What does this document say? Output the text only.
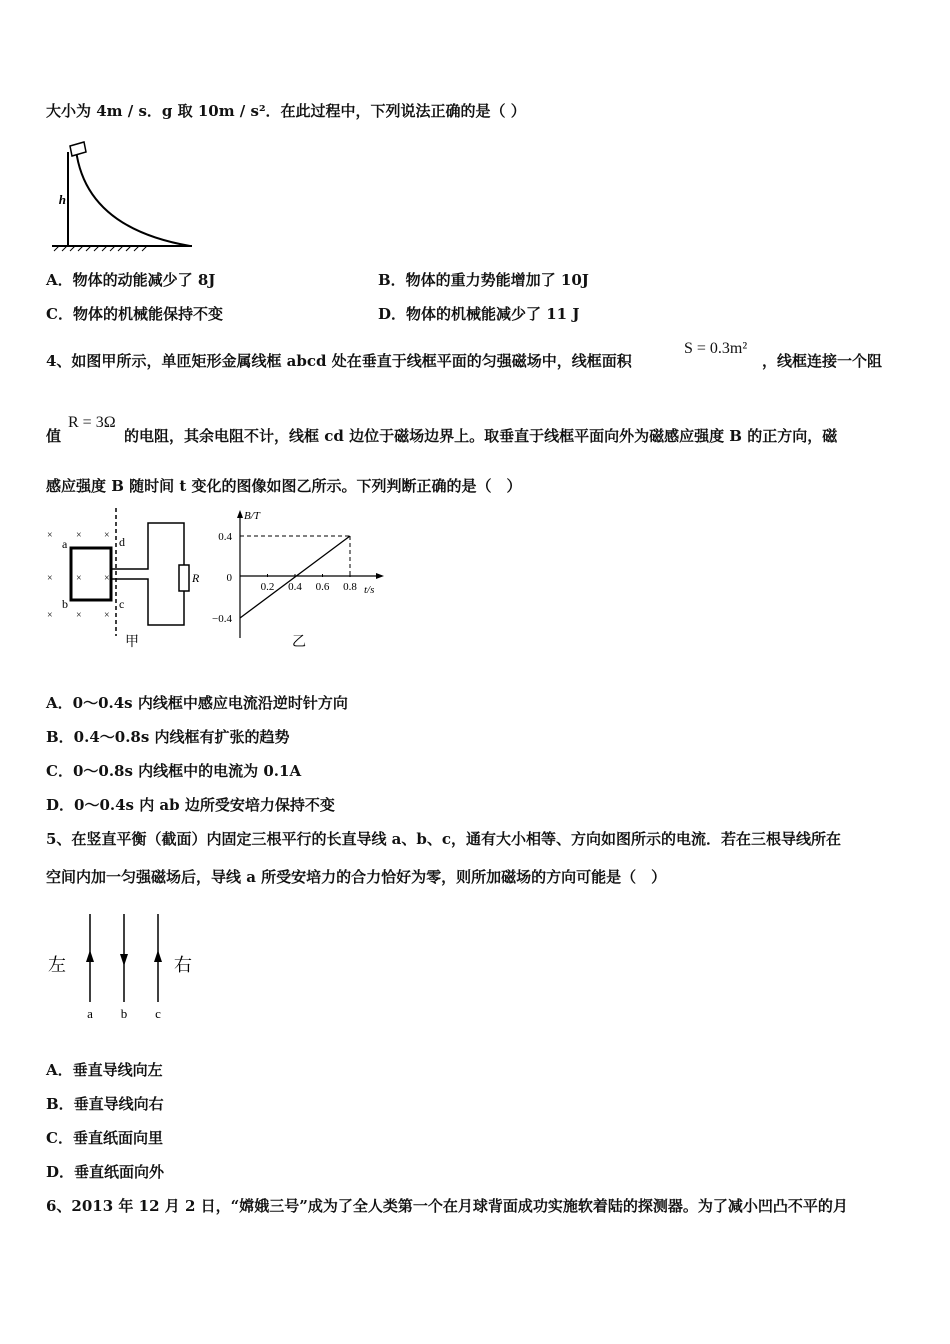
大小为 4m / s．g 取 10m / s²．在此过程中，下列说法正确的是（ ）
h
A．物体的动能减少了 8J	B．物体的重力势能增加了 10J
C．物体的机械能保持不变	D．物体的机械能减少了 11 J
4、如图甲所示，单匝矩形金属线框 abcd 处在垂直于线框平面的匀强磁场中，线框面积
S = 0.3m²
，线框连接一个阻
R = 3Ω
值	的电阻，其余电阻不计，线框 cd 边位于磁场边界上。取垂直于线框平面向外为磁感应强度 B 的正方向，磁
感应强度 B 随时间 t 变化的图像如图乙所示。下列判断正确的是（　）
× × ×
× × ×
× × ×
R
a
b	c
d
甲
B/T
t/s
0.2 0.4 0.6 0.8
0.4
0
−0.4
乙
A．0～0.4s 内线框中感应电流沿逆时针方向
B．0.4～0.8s 内线框有扩张的趋势
C．0～0.8s 内线框中的电流为 0.1A
D．0～0.4s 内 ab 边所受安培力保持不变
5、在竖直平衡（截面）内固定三根平行的长直导线 a、b、c，通有大小相等、方向如图所示的电流．若在三根导线所在
空间内加一匀强磁场后，导线 a 所受安培力的合力恰好为零，则所加磁场的方向可能是（　）
左	右
a b c
A．垂直导线向左
B．垂直导线向右
C．垂直纸面向里
D．垂直纸面向外
6、2013 年 12 月 2 日，“嫦娥三号”成为了全人类第一个在月球背面成功实施软着陆的探测器。为了减小凹凸不平的月
